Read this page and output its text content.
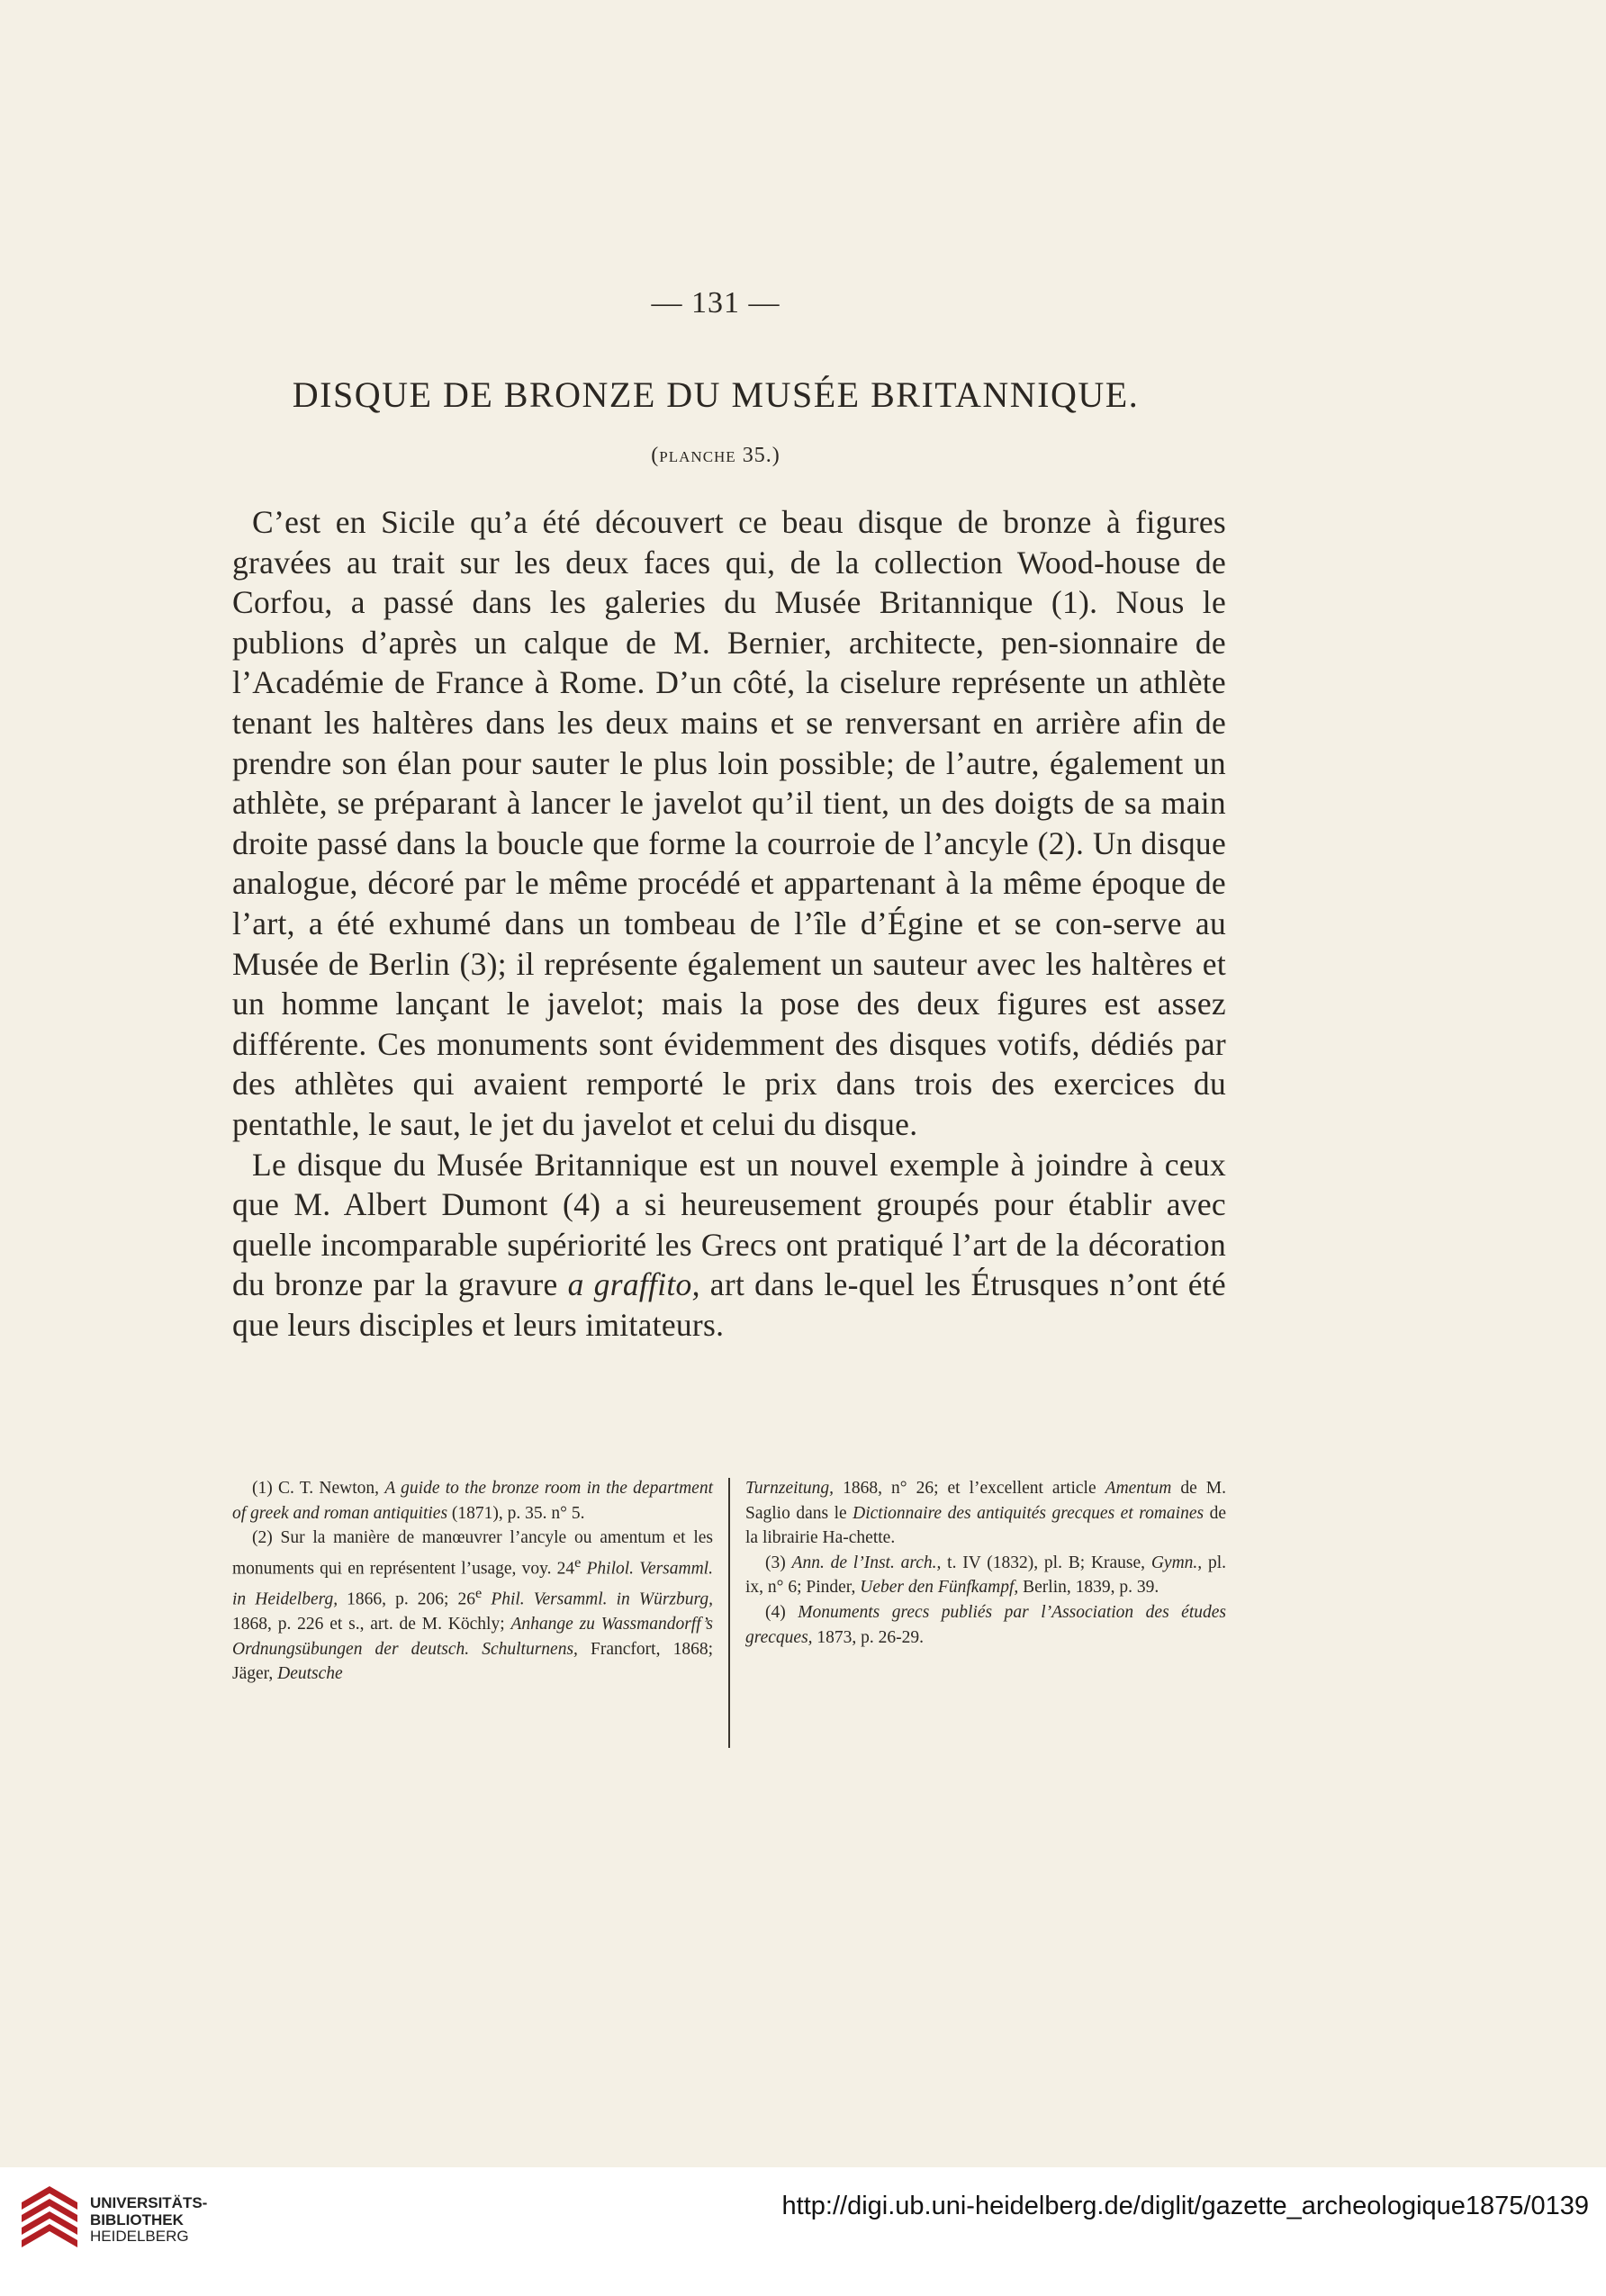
— 131 —
DISQUE DE BRONZE DU MUSÉE BRITANNIQUE.
(planche 35.)

C’est en Sicile qu’a été découvert ce beau disque de bronze à figures gravées au trait sur les deux faces qui, de la collection Wood-house de Corfou, a passé dans les galeries du Musée Britannique (1). Nous le publions d’après un calque de M. Bernier, architecte, pen-sionnaire de l’Académie de France à Rome. D’un côté, la ciselure représente un athlète tenant les haltères dans les deux mains et se renversant en arrière afin de prendre son élan pour sauter le plus loin possible; de l’autre, également un athlète, se préparant à lancer le javelot qu’il tient, un des doigts de sa main droite passé dans la boucle que forme la courroie de l’ancyle (2). Un disque analogue, décoré par le même procédé et appartenant à la même époque de l’art, a été exhumé dans un tombeau de l’île d’Égine et se con-serve au Musée de Berlin (3); il représente également un sauteur avec les haltères et un homme lançant le javelot; mais la pose des deux figures est assez différente. Ces monuments sont évidemment des disques votifs, dédiés par des athlètes qui avaient remporté le prix dans trois des exercices du pentathle, le saut, le jet du javelot et celui du disque.

Le disque du Musée Britannique est un nouvel exemple à joindre à ceux que M. Albert Dumont (4) a si heureusement groupés pour établir avec quelle incomparable supériorité les Grecs ont pratiqué l’art de la décoration du bronze par la gravure a graffito, art dans le-quel les Étrusques n’ont été que leurs disciples et leurs imitateurs.

(1) C. T. Newton, A guide to the bronze room in the department of greek and roman antiquities (1871), p. 35. n° 5.

(2) Sur la manière de manœuvrer l’ancyle ou amentum et les monuments qui en représentent l’usage, voy. 24e Philol. Versamml. in Heidelberg, 1866, p. 206; 26e Phil. Versamml. in Würzburg, 1868, p. 226 et s., art. de M. Köchly; Anhange zu Wassmandorff’s Ordnungsübungen der deutsch. Schulturnens, Francfort, 1868; Jäger, Deutsche

Turnzeitung, 1868, n° 26; et l’excellent article Amentum de M. Saglio dans le Dictionnaire des antiquités grecques et romaines de la librairie Ha-chette.

(3) Ann. de l’Inst. arch., t. IV (1832), pl. B; Krause, Gymn., pl. ix, n° 6; Pinder, Ueber den Fünfkampf, Berlin, 1839, p. 39.

(4) Monuments grecs publiés par l’Association des études grecques, 1873, p. 26-29.

UNIVERSITÄTS-
BIBLIOTHEK
HEIDELBERG
http://digi.ub.uni-heidelberg.de/diglit/gazette_archeologique1875/0139
